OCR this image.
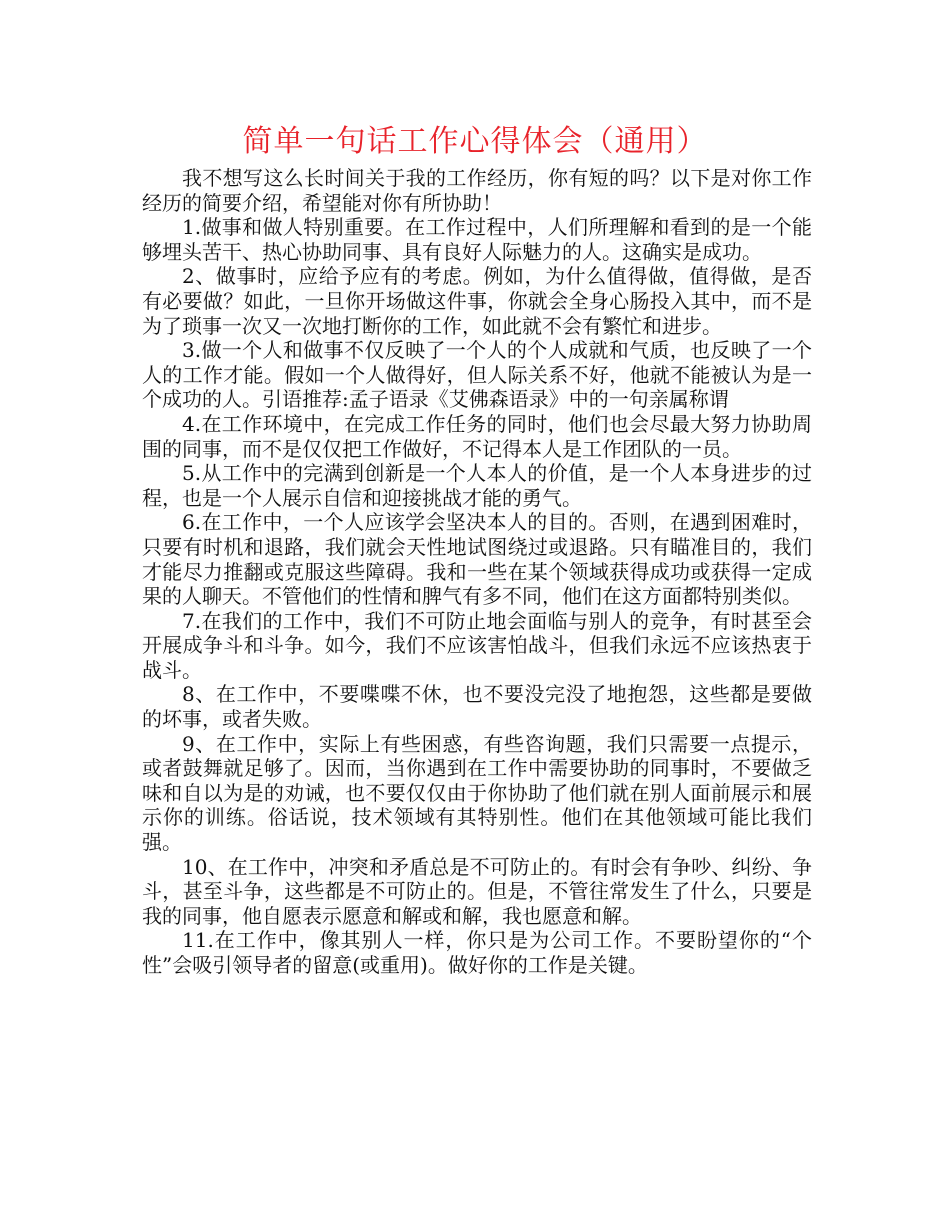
简单一句话工作心得体会（通用）

我不想写这么长时间关于我的工作经历，你有短的吗？以下是对你工作经历的简要介绍，希望能对你有所协助！

1.做事和做人特别重要。在工作过程中，人们所理解和看到的是一个能够埋头苦干、热心协助同事、具有良好人际魅力的人。这确实是成功。

2、做事时，应给予应有的考虑。例如，为什么值得做，值得做，是否有必要做？如此，一旦你开场做这件事，你就会全身心肠投入其中，而不是为了琐事一次又一次地打断你的工作，如此就不会有繁忙和进步。

3.做一个人和做事不仅反映了一个人的个人成就和气质，也反映了一个人的工作才能。假如一个人做得好，但人际关系不好，他就不能被认为是一个成功的人。引语推荐:孟子语录《艾佛森语录》中的一句亲属称谓

4.在工作环境中，在完成工作任务的同时，他们也会尽最大努力协助周围的同事，而不是仅仅把工作做好，不记得本人是工作团队的一员。

5.从工作中的完满到创新是一个人本人的价值，是一个人本身进步的过程，也是一个人展示自信和迎接挑战才能的勇气。

6.在工作中，一个人应该学会坚决本人的目的。否则，在遇到困难时，只要有时机和退路，我们就会天性地试图绕过或退路。只有瞄准目的，我们才能尽力推翻或克服这些障碍。我和一些在某个领域获得成功或获得一定成果的人聊天。不管他们的性情和脾气有多不同，他们在这方面都特别类似。

7.在我们的工作中，我们不可防止地会面临与别人的竞争，有时甚至会开展成争斗和斗争。如今，我们不应该害怕战斗，但我们永远不应该热衷于战斗。

8、在工作中，不要喋喋不休，也不要没完没了地抱怨，这些都是要做的坏事，或者失败。

9、在工作中，实际上有些困惑，有些咨询题，我们只需要一点提示，或者鼓舞就足够了。因而，当你遇到在工作中需要协助的同事时，不要做乏味和自以为是的劝诫，也不要仅仅由于你协助了他们就在别人面前展示和展示你的训练。俗话说，技术领域有其特别性。他们在其他领域可能比我们强。

10、在工作中，冲突和矛盾总是不可防止的。有时会有争吵、纠纷、争斗，甚至斗争，这些都是不可防止的。但是，不管往常发生了什么，只要是我的同事，他自愿表示愿意和解或和解，我也愿意和解。

11.在工作中，像其别人一样，你只是为公司工作。不要盼望你的“个性”会吸引领导者的留意(或重用)。做好你的工作是关键。
